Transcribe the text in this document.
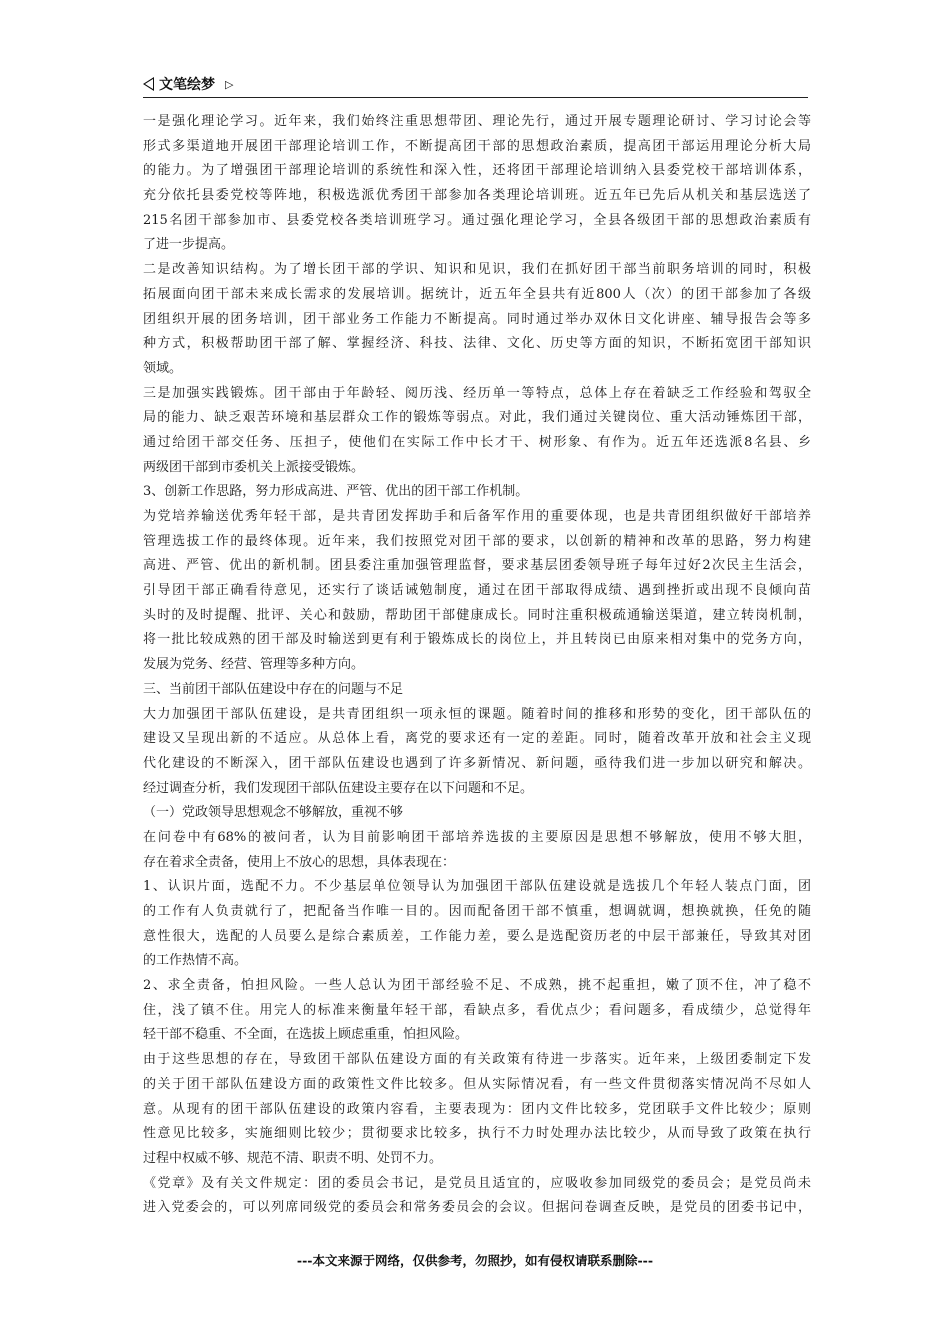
文笔绘梦 ▷
一是强化理论学习。近年来，我们始终注重思想带团、理论先行，通过开展专题理论研讨、学习讨论会等
形式多渠道地开展团干部理论培训工作，不断提高团干部的思想政治素质，提高团干部运用理论分析大局
的能力。为了增强团干部理论培训的系统性和深入性，还将团干部理论培训纳入县委党校干部培训体系，
充分依托县委党校等阵地，积极选派优秀团干部参加各类理论培训班。近五年已先后从机关和基层选送了
215名团干部参加市、县委党校各类培训班学习。通过强化理论学习，全县各级团干部的思想政治素质有
了进一步提高。
二是改善知识结构。为了增长团干部的学识、知识和见识，我们在抓好团干部当前职务培训的同时，积极
拓展面向团干部未来成长需求的发展培训。据统计，近五年全县共有近800人（次）的团干部参加了各级
团组织开展的团务培训，团干部业务工作能力不断提高。同时通过举办双休日文化讲座、辅导报告会等多
种方式，积极帮助团干部了解、掌握经济、科技、法律、文化、历史等方面的知识，不断拓宽团干部知识
领域。
三是加强实践锻炼。团干部由于年龄轻、阅历浅、经历单一等特点，总体上存在着缺乏工作经验和驾驭全
局的能力、缺乏艰苦环境和基层群众工作的锻炼等弱点。对此，我们通过关键岗位、重大活动锤炼团干部，
通过给团干部交任务、压担子，使他们在实际工作中长才干、树形象、有作为。近五年还选派8名县、乡
两级团干部到市委机关上派接受锻炼。
3、创新工作思路，努力形成高进、严管、优出的团干部工作机制。
为党培养输送优秀年轻干部，是共青团发挥助手和后备军作用的重要体现，也是共青团组织做好干部培养
管理选拔工作的最终体现。近年来，我们按照党对团干部的要求，以创新的精神和改革的思路，努力构建
高进、严管、优出的新机制。团县委注重加强管理监督，要求基层团委领导班子每年过好2次民主生活会，
引导团干部正确看待意见，还实行了谈话诫勉制度，通过在团干部取得成绩、遇到挫折或出现不良倾向苗
头时的及时提醒、批评、关心和鼓励，帮助团干部健康成长。同时注重积极疏通输送渠道，建立转岗机制，
将一批比较成熟的团干部及时输送到更有利于锻炼成长的岗位上，并且转岗已由原来相对集中的党务方向，
发展为党务、经营、管理等多种方向。
三、当前团干部队伍建设中存在的问题与不足
大力加强团干部队伍建设，是共青团组织一项永恒的课题。随着时间的推移和形势的变化，团干部队伍的
建设又呈现出新的不适应。从总体上看，离党的要求还有一定的差距。同时，随着改革开放和社会主义现
代化建设的不断深入，团干部队伍建设也遇到了许多新情况、新问题，亟待我们进一步加以研究和解决。
经过调查分析，我们发现团干部队伍建设主要存在以下问题和不足。
（一）党政领导思想观念不够解放，重视不够
在问卷中有68%的被问者，认为目前影响团干部培养选拔的主要原因是思想不够解放，使用不够大胆，
存在着求全责备，使用上不放心的思想，具体表现在：
1、认识片面，选配不力。不少基层单位领导认为加强团干部队伍建设就是选拔几个年轻人装点门面，团
的工作有人负责就行了，把配备当作唯一目的。因而配备团干部不慎重，想调就调，想换就换，任免的随
意性很大，选配的人员要么是综合素质差，工作能力差，要么是选配资历老的中层干部兼任，导致其对团
的工作热情不高。
2、求全责备，怕担风险。一些人总认为团干部经验不足、不成熟，挑不起重担，嫩了顶不住，冲了稳不
住，浅了镇不住。用完人的标准来衡量年轻干部，看缺点多，看优点少；看问题多，看成绩少，总觉得年
轻干部不稳重、不全面，在选拔上顾虑重重，怕担风险。
由于这些思想的存在，导致团干部队伍建设方面的有关政策有待进一步落实。近年来，上级团委制定下发
的关于团干部队伍建设方面的政策性文件比较多。但从实际情况看，有一些文件贯彻落实情况尚不尽如人
意。从现有的团干部队伍建设的政策内容看，主要表现为：团内文件比较多，党团联手文件比较少；原则
性意见比较多，实施细则比较少；贯彻要求比较多，执行不力时处理办法比较少，从而导致了政策在执行
过程中权威不够、规范不清、职责不明、处罚不力。
《党章》及有关文件规定：团的委员会书记，是党员且适宜的，应吸收参加同级党的委员会；是党员尚未
进入党委会的，可以列席同级党的委员会和常务委员会的会议。但据问卷调查反映，是党员的团委书记中，
---本文来源于网络，仅供参考，勿照抄，如有侵权请联系删除---
